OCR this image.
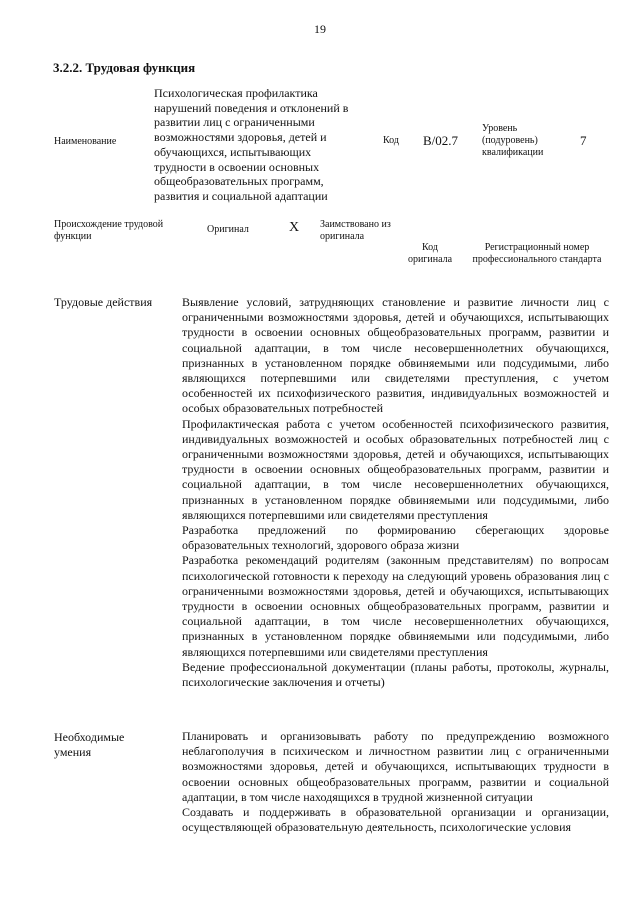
19
3.2.2. Трудовая функция
Наименование
Психологическая профилактика нарушений поведения и отклонений в развитии лиц с ограниченными возможностями здоровья, детей и обучающихся, испытывающих трудности в освоении основных общеобразовательных программ, развития и социальной адаптации
Код B/02.7
Уровень (подуровень) квалификации
7
Происхождение трудовой функции
Оригинал	X Заимствовано из оригинала
Код оригинала
Регистрационный номер профессионального стандарта
Трудовые действия	Выявление условий, затрудняющих становление и развитие личности лиц с ограниченными возможностями здоровья, детей и обучающихся, испытывающих трудности в освоении основных общеобразовательных программ, развитии и социальной адаптации, в том числе несовершеннолетних обучающихся, признанных в установленном порядке обвиняемыми или подсудимыми, либо являющихся потерпевшими или свидетелями преступления, с учетом особенностей их психофизического развития, индивидуальных возможностей и особых образовательных потребностей

Профилактическая работа с учетом особенностей психофизического развития, индивидуальных возможностей и особых образовательных потребностей лиц с ограниченными возможностями здоровья, детей и обучающихся, испытывающих трудности в освоении основных общеобразовательных программ, развитии и социальной адаптации, в том числе несовершеннолетних обучающихся, признанных в установленном порядке обвиняемыми или подсудимыми, либо являющихся потерпевшими или свидетелями преступления

Разработка предложений по формированию сберегающих здоровье образовательных технологий, здорового образа жизни

Разработка рекомендаций родителям (законным представителям) по вопросам психологической готовности к переходу на следующий уровень образования лиц с ограниченными возможностями здоровья, детей и обучающихся, испытывающих трудности в освоении основных общеобразовательных программ, развитии и социальной адаптации, в том числе несовершеннолетних обучающихся, признанных в установленном порядке обвиняемыми или подсудимыми, либо являющихся потерпевшими или свидетелями преступления

Ведение профессиональной документации (планы работы, протоколы, журналы, психологические заключения и отчеты)

Необходимые умения

Планировать и организовывать работу по предупреждению возможного неблагополучия в психическом и личностном развитии лиц с ограниченными возможностями здоровья, детей и обучающихся, испытывающих трудности в освоении основных общеобразовательных программ, развитии и социальной адаптации, в том числе находящихся в трудной жизненной ситуации

Создавать и поддерживать в образовательной организации и организации, осуществляющей образовательную деятельность, психологические условия
